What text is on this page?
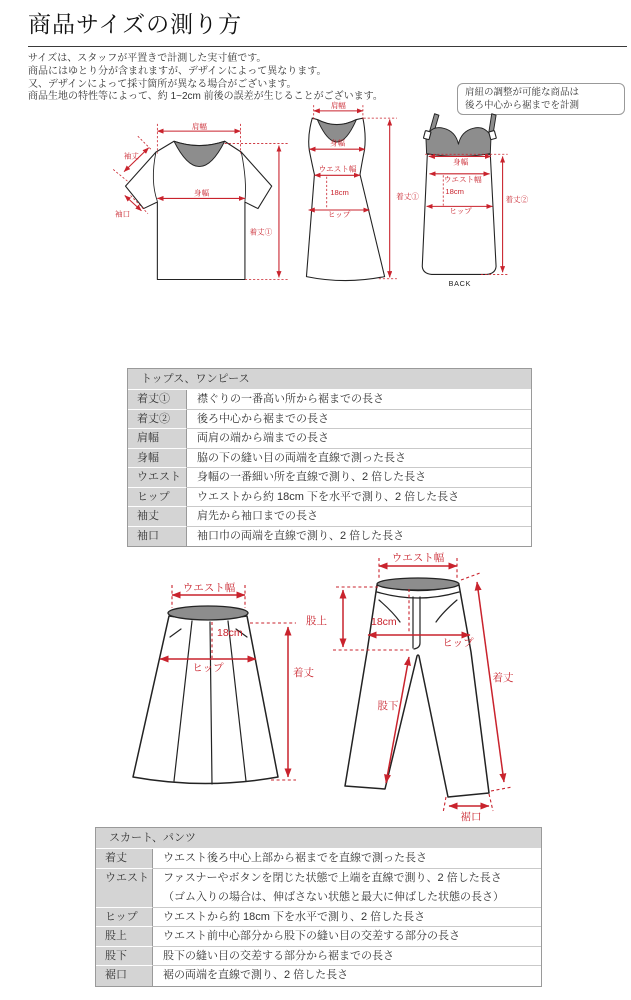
商品サイズの測り方
サイズは、スタッフが平置きで計測した実寸値です。
商品にはゆとり分が含まれますが、デザインによって異なります。
又、デザインによって採寸箇所が異なる場合がございます。
商品生地の特性等によって、約 1~2cm 前後の誤差が生じることがございます。	肩紐の調整が可能な商品は
後ろ中心から裾までを計測
肩幅
袖丈
袖口
身幅
着丈①
肩幅
身幅
ウエスト幅
18cm
ヒップ
着丈①
身幅
ウエスト幅
18cm
ヒップ
着丈②
BACK
トップス、ワンピース
着丈①	襟ぐりの一番高い所から裾までの長さ
着丈②	後ろ中心から裾までの長さ
肩幅	両肩の端から端までの長さ
身幅	脇の下の縫い目の両端を直線で測った長さ
ウエスト	身幅の一番細い所を直線で測り、2 倍した長さ
ヒップ	ウエストから約 18cm 下を水平で測り、2 倍した長さ
袖丈	肩先から袖口までの長さ
袖口	袖口巾の両端を直線で測り、2 倍した長さ
ウエスト幅
18cm
ヒップ	着丈
ウエスト幅
股上	18cm
ヒップ
股下
着丈
裾口
スカート、パンツ
着丈	ウエスト後ろ中心上部から裾までを直線で測った長さ
ウエスト	ファスナーやボタンを閉じた状態で上端を直線で測り、2 倍した長さ
（ゴム入りの場合は、伸ばさない状態と最大に伸ばした状態の長さ）
ヒップ	ウエストから約 18cm 下を水平で測り、2 倍した長さ
股上	ウエスト前中心部分から股下の縫い目の交差する部分の長さ
股下	股下の縫い目の交差する部分から裾までの長さ
裾口	裾の両端を直線で測り、2 倍した長さ
